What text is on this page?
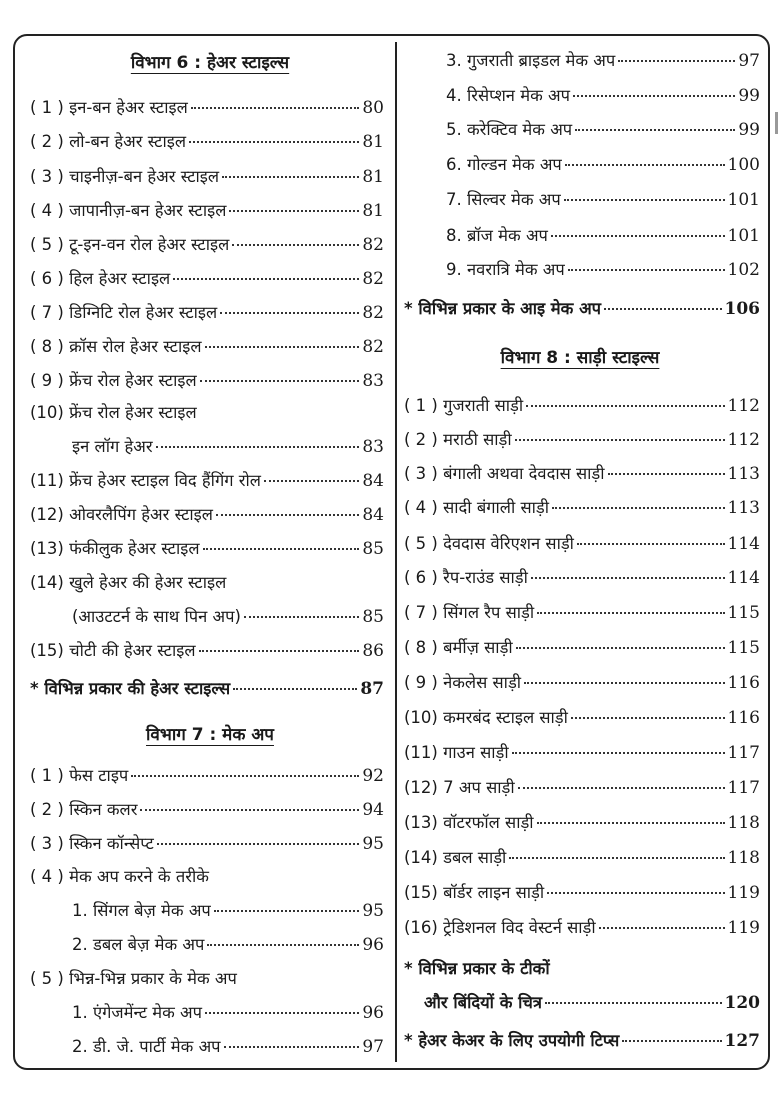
विभाग 6 : हेअर स्टाइल्स
विभाग 7 : मेक अप
विभाग 8 : साड़ी स्टाइल्स
( 1 ) इन-बन हेअर स्टाइल	80
( 2 ) लो-बन हेअर स्टाइल	81
( 3 ) चाइनीज़-बन हेअर स्टाइल	81
( 4 ) जापानीज़-बन हेअर स्टाइल	81
( 5 ) टू-इन-वन रोल हेअर स्टाइल	82
( 6 ) हिल हेअर स्टाइल	82
( 7 ) डिग्निटि रोल हेअर स्टाइल	82
( 8 ) क्रॉस रोल हेअर स्टाइल	82
( 9 ) फ्रेंच रोल हेअर स्टाइल	83
(10) फ्रेंच रोल हेअर स्टाइल
इन लॉग हेअर	83
(11) फ्रेंच हेअर स्टाइल विद हैंगिंग रोल	84
(12) ओवरलैपिंग हेअर स्टाइल	84
(13) फंकीलुक हेअर स्टाइल	85
(14) खुले हेअर की हेअर स्टाइल
(आउटटर्न के साथ पिन अप)	85
(15) चोटी की हेअर स्टाइल	86
* विभिन्न प्रकार की हेअर स्टाइल्स	87
( 1 ) फेस टाइप	92
( 2 ) स्किन कलर	94
( 3 ) स्किन कॉन्सेप्ट	95
( 4 ) मेक अप करने के तरीके
1. सिंगल बेज़ मेक अप	95
2. डबल बेज़ मेक अप	96
( 5 ) भिन्न-भिन्न प्रकार के मेक अप
1. एंगेजमेंन्ट मेक अप	96
2. डी. जे. पार्टी मेक अप	97
3. गुजराती ब्राइडल मेक अप	97
4. रिसेप्शन मेक अप	99
5. करेक्टिव मेक अप	99
6. गोल्डन मेक अप	100
7. सिल्वर मेक अप	101
8. ब्रॉज मेक अप	101
9. नवरात्रि मेक अप	102
* विभिन्न प्रकार के आइ मेक अप	106
( 1 ) गुजराती साड़ी	112
( 2 ) मराठी साड़ी	112
( 3 ) बंगाली अथवा देवदास साड़ी	113
( 4 ) सादी बंगाली साड़ी	113
( 5 ) देवदास वेरिएशन साड़ी	114
( 6 ) रैप-राउंड साड़ी	114
( 7 ) सिंगल रैप साड़ी	115
( 8 ) बर्मीज़ साड़ी	115
( 9 ) नेकलेस साड़ी	116
(10) कमरबंद स्टाइल साड़ी	116
(11) गाउन साड़ी	117
(12) 7 अप साड़ी	117
(13) वॉटरफॉल साड़ी	118
(14) डबल साड़ी	118
(15) बॉर्डर लाइन साड़ी	119
(16) ट्रेडिशनल विद वेस्टर्न साड़ी	119
* विभिन्न प्रकार के टीकों
और बिंदियों के चित्र	120
* हेअर केअर के लिए उपयोगी टिप्स	127
